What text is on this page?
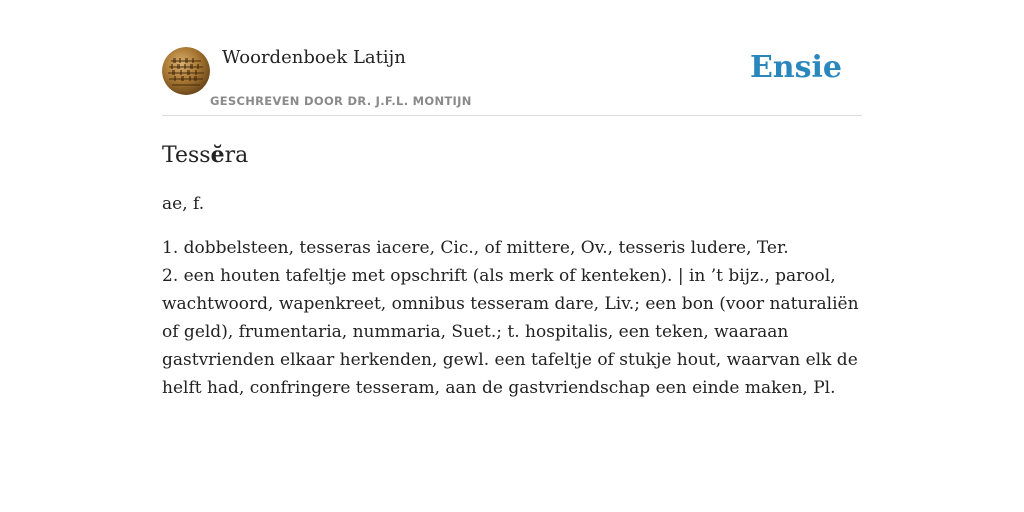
Woordenboek Latijn
GESCHREVEN DOOR DR. J.F.L. MONTIJN
Ensie
Tessĕra
ae, f.
1. dobbelsteen, tesseras iacere, Cic., of mittere, Ov., tesseris ludere, Ter.
2. een houten tafeltje met opschrift (als merk of kenteken). | in ’t bijz., parool, wachtwoord, wapenkreet, omnibus tesseram dare, Liv.; een bon (voor naturaliën of geld), frumentaria, nummaria, Suet.; t. hospitalis, een teken, waaraan gastvrienden elkaar herkenden, gewl. een tafeltje of stukje hout, waarvan elk de helft had, confringere tesseram, aan de gastvriendschap een einde maken, Pl.
